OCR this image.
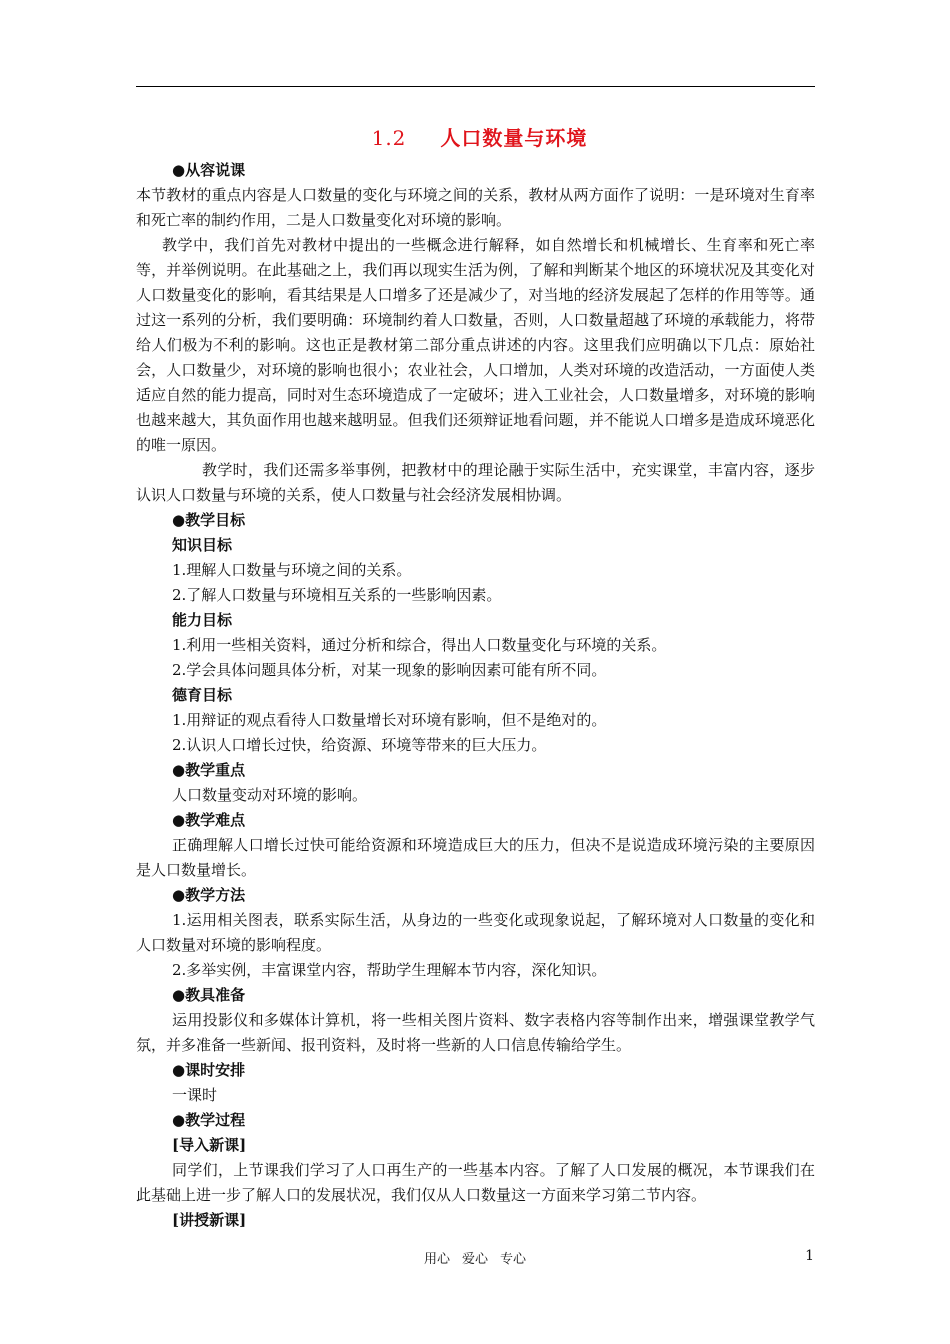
1.2 人口数量与环境

●从容说课

本节教材的重点内容是人口数量的变化与环境之间的关系，教材从两方面作了说明：一是环境对生育率和死亡率的制约作用，二是人口数量变化对环境的影响。

教学中，我们首先对教材中提出的一些概念进行解释，如自然增长和机械增长、生育率和死亡率等，并举例说明。在此基础之上，我们再以现实生活为例，了解和判断某个地区的环境状况及其变化对人口数量变化的影响，看其结果是人口增多了还是减少了，对当地的经济发展起了怎样的作用等等。通过这一系列的分析，我们要明确：环境制约着人口数量，否则，人口数量超越了环境的承载能力，将带给人们极为不利的影响。这也正是教材第二部分重点讲述的内容。这里我们应明确以下几点：原始社会，人口数量少，对环境的影响也很小；农业社会，人口增加，人类对环境的改造活动，一方面使人类适应自然的能力提高，同时对生态环境造成了一定破坏；进入工业社会，人口数量增多，对环境的影响也越来越大，其负面作用也越来越明显。但我们还须辩证地看问题，并不能说人口增多是造成环境恶化的唯一原因。

教学时，我们还需多举事例，把教材中的理论融于实际生活中，充实课堂，丰富内容，逐步认识人口数量与环境的关系，使人口数量与社会经济发展相协调。

●教学目标

知识目标

1.理解人口数量与环境之间的关系。

2.了解人口数量与环境相互关系的一些影响因素。

能力目标

1.利用一些相关资料，通过分析和综合，得出人口数量变化与环境的关系。

2.学会具体问题具体分析，对某一现象的影响因素可能有所不同。

德育目标

1.用辩证的观点看待人口数量增长对环境有影响，但不是绝对的。

2.认识人口增长过快，给资源、环境等带来的巨大压力。

●教学重点

人口数量变动对环境的影响。

●教学难点

正确理解人口增长过快可能给资源和环境造成巨大的压力，但决不是说造成环境污染的主要原因是人口数量增长。

●教学方法

1.运用相关图表，联系实际生活，从身边的一些变化或现象说起，了解环境对人口数量的变化和人口数量对环境的影响程度。

2.多举实例，丰富课堂内容，帮助学生理解本节内容，深化知识。

●教具准备

运用投影仪和多媒体计算机，将一些相关图片资料、数字表格内容等制作出来，增强课堂教学气氛，并多准备一些新闻、报刊资料，及时将一些新的人口信息传输给学生。

●课时安排

一课时

●教学过程

[导入新课]

同学们，上节课我们学习了人口再生产的一些基本内容。了解了人口发展的概况，本节课我们在此基础上进一步了解人口的发展状况，我们仅从人口数量这一方面来学习第二节内容。

[讲授新课]

用心 爱心 专心	1
